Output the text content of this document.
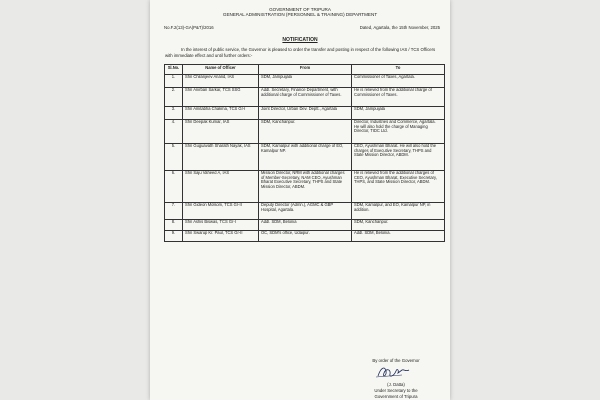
GOVERNMENT OF TRIPURA
GENERAL ADMINISTRATION (PERSONNEL & TRAINING) DEPARTMENT
No.F.2(13)-GA(P&T)/2016	Dated, Agartala, the 15th November, 2025
NOTIFICATION
In the interest of public service, the Governor is pleased to order the transfer and posting in respect of the following IAS / TCS Officers with immediate effect and until further orders:-
Sl.No.	Name of Officer	From	To
1.	Shri Chilanjeev Anand, IAS	SDM, Jampuijala	Commissioner of Taxes, Agartala.
2.	Shri Anirban Sarkar, TCS SSG	Addl. Secretary, Finance Department, with additional charge of Commissioner of Taxes.	He is relieved from the additional charge of Commissioner of Taxes.
3.	Shri Amitabha Chakma, TCS Gr-I	Joint Director, Urban Dev. Deptt., Agartala	SDM, Jampuijala
4.	Shri Deepak Kumar, IAS	SDM, Kanchanpur.	Director, Industries and Commerce, Agartala. He will also hold the charge of Managing Director, TIDC Ltd.
5.	Shri Guguavath Sharath Nayak, IAS	SDM, Kamalpur with additional charge of EO, Kamalpur NP.	CEO, Ayushman Bharat. He will also hold the charges of Executive Secretary, THPS and State Mission Director, ABDM.
6.	Shri Saju Vaheed A, IAS	Mission Director, NRM with additional charges of Member-Secretary, NAM CEO, Ayushman Bharat Executive Secretary, THPS and State Mission Director, ABDM.	He is relieved from the additional charges of CEO, Ayushman Bharat, Executive Secretary, THPS, and State Mission Director, ABDM.
7.	Shri Gideon Molsom, TCS Gr-II	Deputy Director (Admn.), AGMC & GBP Hospital, Agartala.	SDM, Kamalpur, and EO, Kamalpur NP, in addition.
8.	Shri Ashis Biswas, TCS Gr-I	Addl. SDM, Belonia	SDM, Kanchanpur.
9.	Shri Swarup Kr. Paul, TCS Gr-II	OC, SDM's office, Udaipur.	Addl. SDM, Belonia.
By order of the Governor
(J. Datta)
Under Secretary to the
Government of Tripura
